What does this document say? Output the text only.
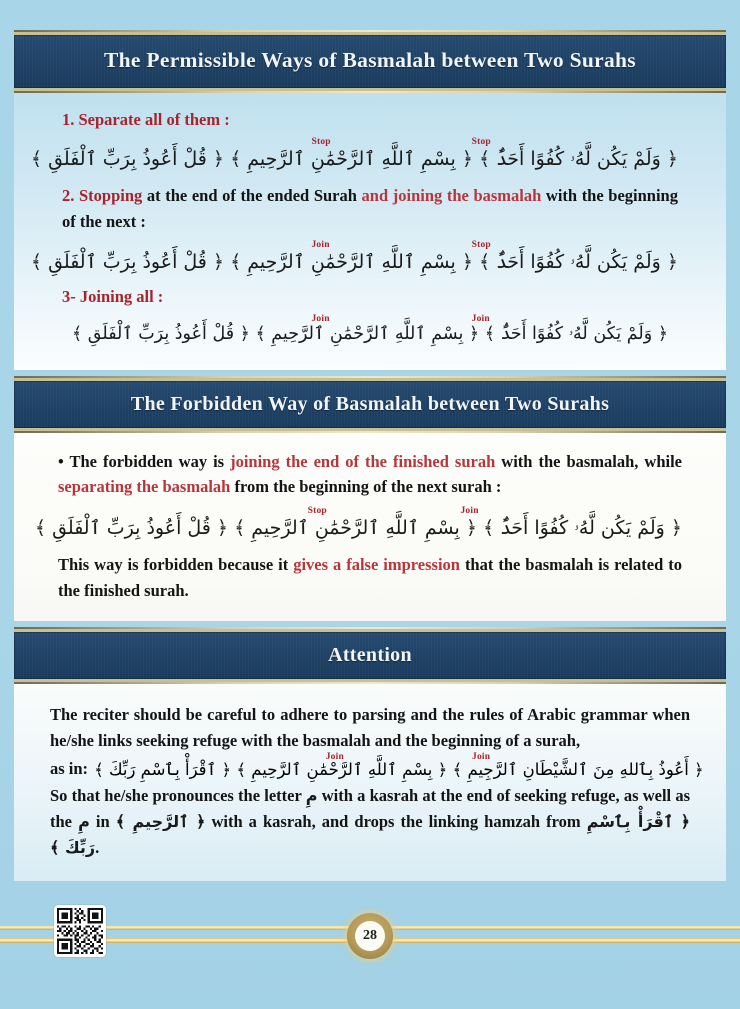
The Permissible Ways of Basmalah between Two Surahs
1. Separate all of them :
Stop	Stop
﴿ وَلَمْ يَكُن لَّهُۥ كُفُوًا أَحَدٌۢ ﴾ ﴿ بِسْمِ ٱللَّهِ ٱلرَّحْمَٰنِ ٱلرَّحِيمِ ﴾ ﴿ قُلْ أَعُوذُ بِرَبِّ ٱلْفَلَقِ ﴾
2. Stopping at the end of the ended Surah and joining the basmalah with the beginning of the next :
Join	Stop
﴿ وَلَمْ يَكُن لَّهُۥ كُفُوًا أَحَدٌۢ ﴾ ﴿ بِسْمِ ٱللَّهِ ٱلرَّحْمَٰنِ ٱلرَّحِيمِ ﴾ ﴿ قُلْ أَعُوذُ بِرَبِّ ٱلْفَلَقِ ﴾
3- Joining all :
Join	Join
﴿ وَلَمْ يَكُن لَّهُۥ كُفُوًا أَحَدٌۢ ﴾ ﴿ بِسْمِ ٱللَّهِ ٱلرَّحْمَٰنِ ٱلرَّحِيمِ ﴾ ﴿ قُلْ أَعُوذُ بِرَبِّ ٱلْفَلَقِ ﴾
The Forbidden Way of Basmalah between Two Surahs
• The forbidden way is joining the end of the finished surah with the basmalah, while separating the basmalah from the beginning of the next surah :
Stop	Join
﴿ وَلَمْ يَكُن لَّهُۥ كُفُوًا أَحَدٌۢ ﴾ ﴿ بِسْمِ ٱللَّهِ ٱلرَّحْمَٰنِ ٱلرَّحِيمِ ﴾ ﴿ قُلْ أَعُوذُ بِرَبِّ ٱلْفَلَقِ ﴾
This way is forbidden because it gives a false impression that the basmalah is related to the finished surah.
Attention
The reciter should be careful to adhere to parsing and the rules of Arabic grammar when he/she links seeking refuge with the basmalah and the beginning of a surah,
as in:
Join	Join
﴿ أَعُوذُ بِٱللهِ مِنَ ٱلشَّيْطَانِ ٱلرَّجِيمِ ﴾ ﴿ بِسْمِ ٱللَّهِ ٱلرَّحْمَٰنِ ٱلرَّحِيمِ ﴾ ﴿ ٱقْرَأْ بِٱسْمِ رَبِّكَ ﴾
So that he/she pronounces the letter مِ with a kasrah at the end of seeking refuge, as well as the مِ in ﴿ ٱلرَّحِيمِ ﴾ with a kasrah, and drops the linking hamzah from ﴿ ٱقْرَأْ بِٱسْمِ رَبِّكَ ﴾.
28
